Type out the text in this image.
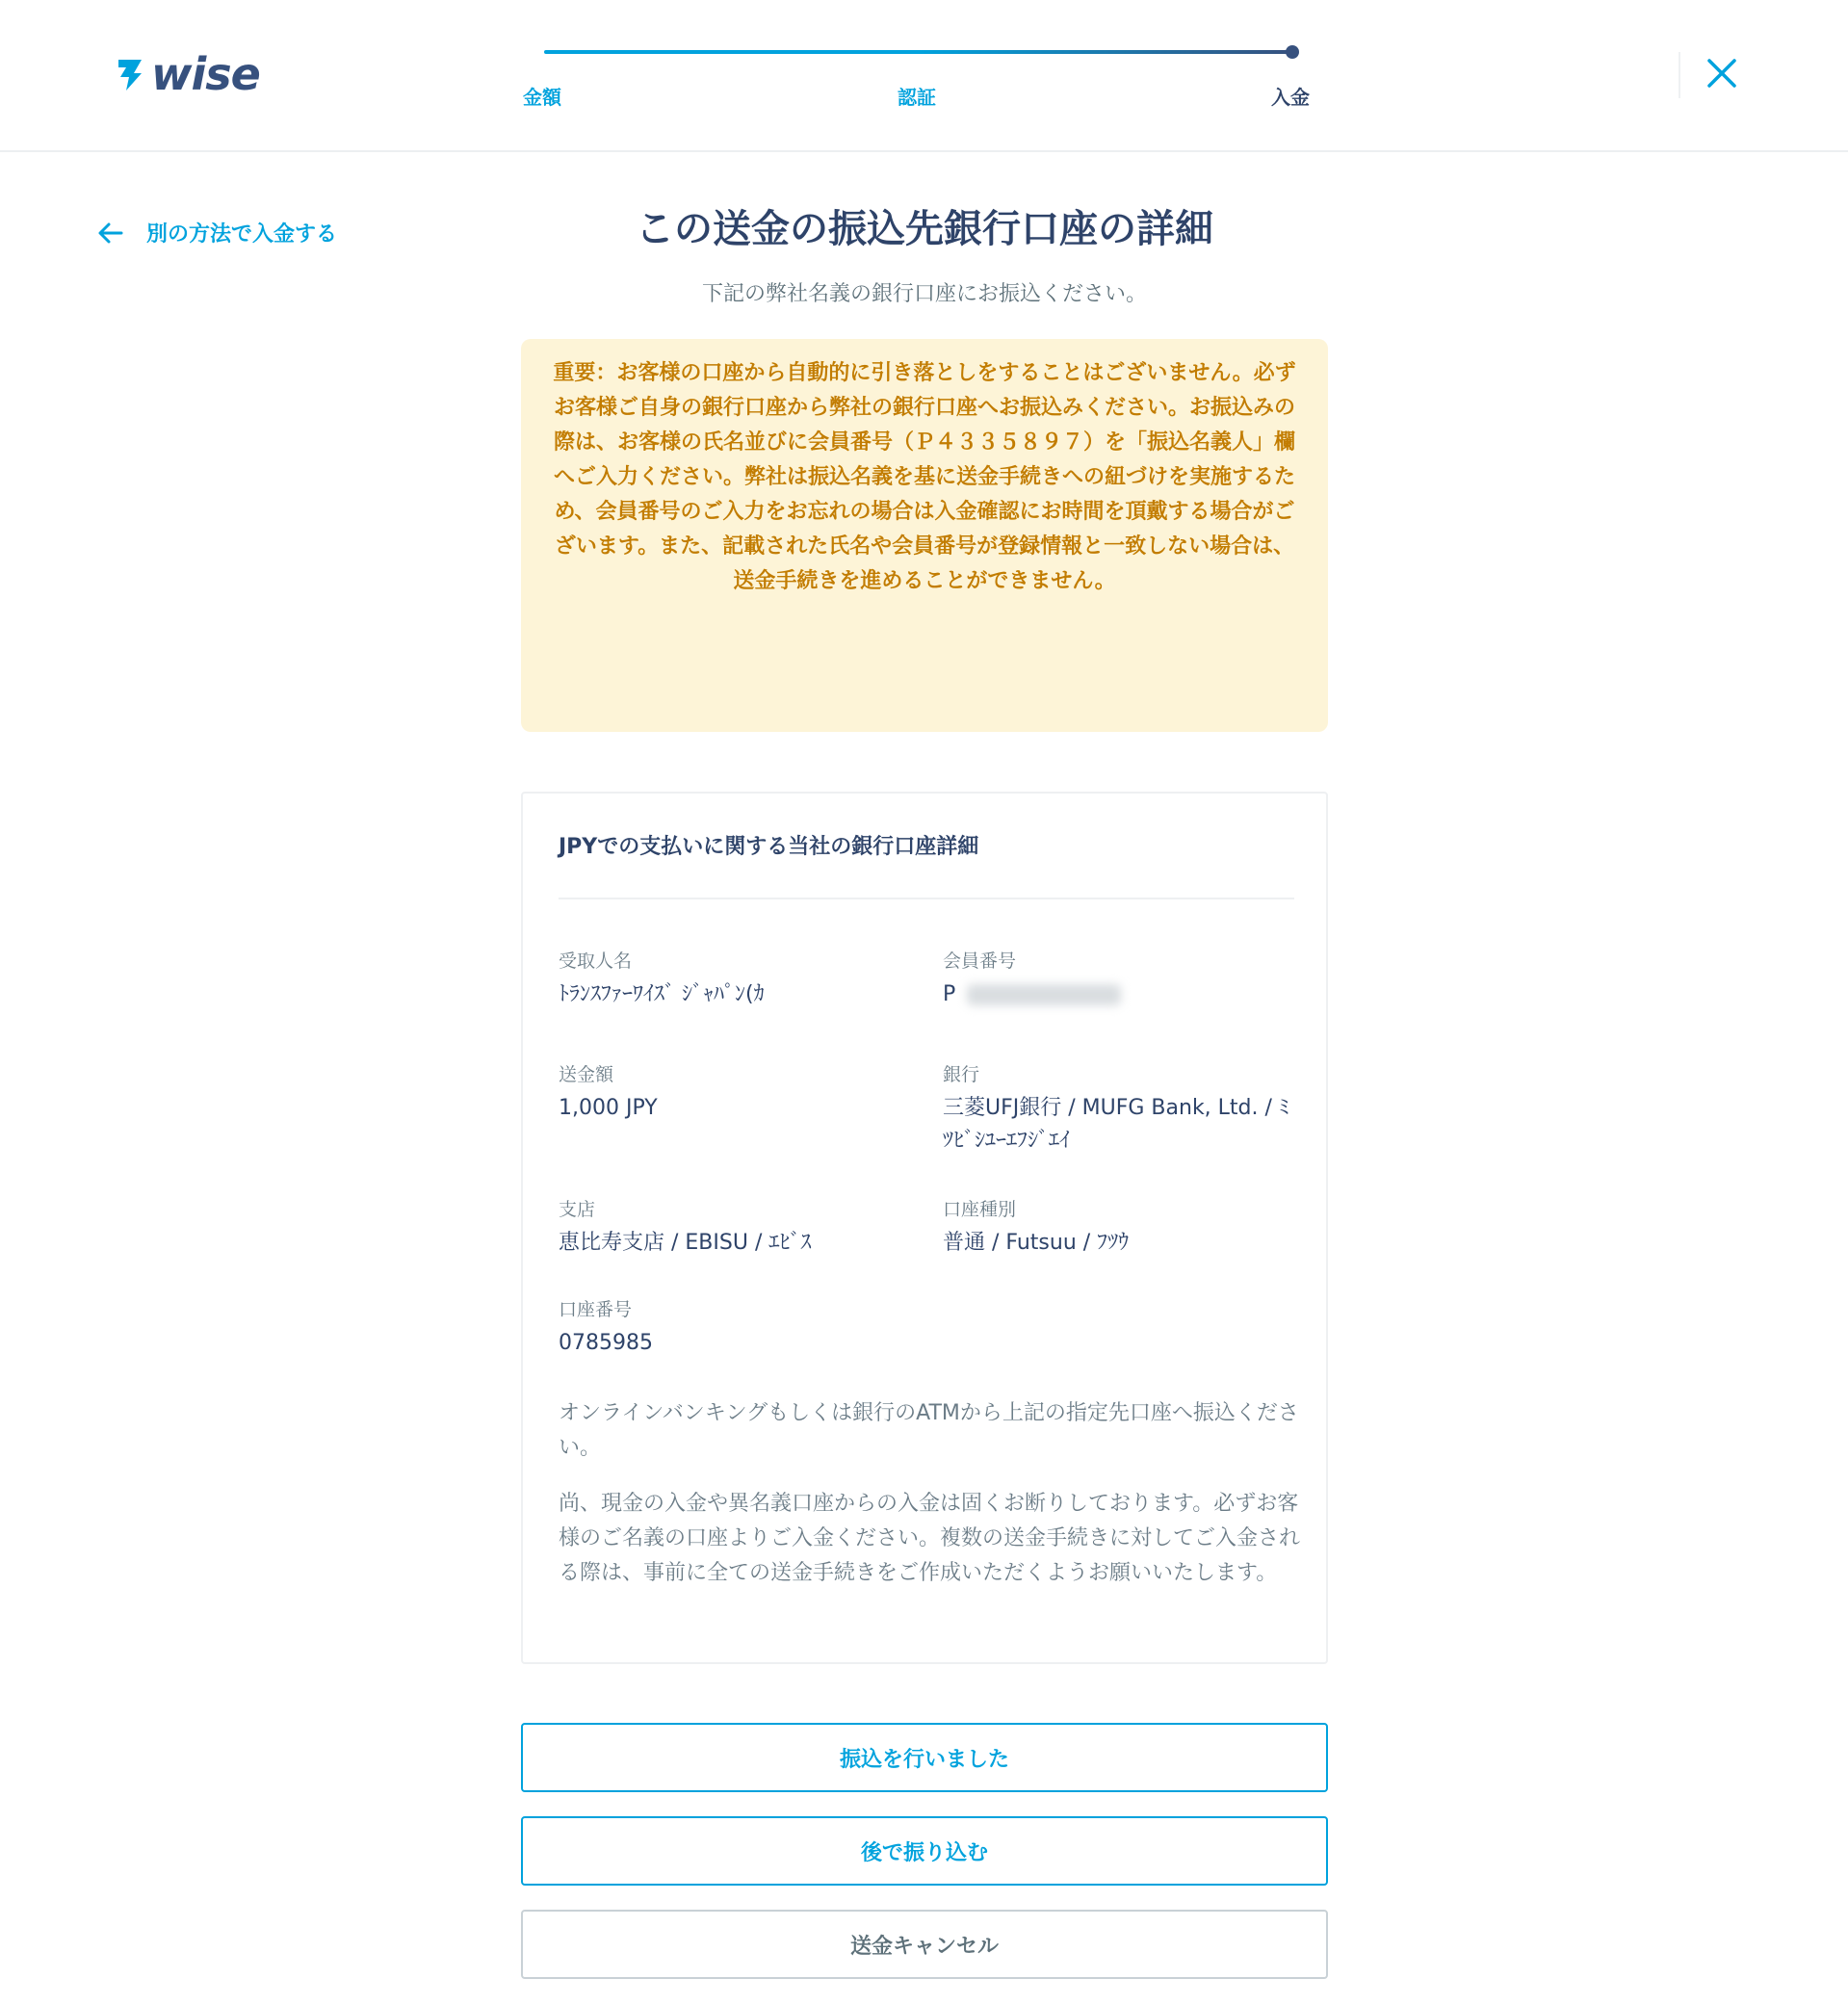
wise	金額	認証	入金
別の方法で入金する	この送金の振込先銀行口座の詳細
下記の弊社名義の銀行口座にお振込ください。

重要：お客様の口座から自動的に引き落としをすることはございません。必ずお客様ご自身の銀行口座から弊社の銀行口座へお振込みください。お振込みの際は、お客様の氏名並びに会員番号（Ｐ４３３５８９７）を「振込名義人」欄へご入力ください。弊社は振込名義を基に送金手続きへの紐づけを実施するため、会員番号のご入力をお忘れの場合は入金確認にお時間を頂戴する場合がございます。また、記載された氏名や会員番号が登録情報と一致しない場合は、送金手続きを進めることができません。

JPYでの支払いに関する当社の銀行口座詳細
受取人名
ﾄﾗﾝｽﾌｧｰﾜｲｽﾞ ｼﾞｬﾊﾟﾝ(ｶ
会員番号
P
送金額
1,000 JPY
銀行
三菱UFJ銀行 / MUFG Bank, Ltd. / ﾐﾂﾋﾞｼﾕｰｴﾌｼﾞｴｲ
支店
恵比寿支店 / EBISU / ｴﾋﾞｽ
口座種別
普通 / Futsuu / ﾌﾂｳ
口座番号
0785985
オンラインバンキングもしくは銀行のATMから上記の指定先口座へ振込ください。
尚、現金の入金や異名義口座からの入金は固くお断りしております。必ずお客様のご名義の口座よりご入金ください。複数の送金手続きに対してご入金される際は、事前に全ての送金手続きをご作成いただくようお願いいたします。
振込を行いました
後で振り込む
送金キャンセル
